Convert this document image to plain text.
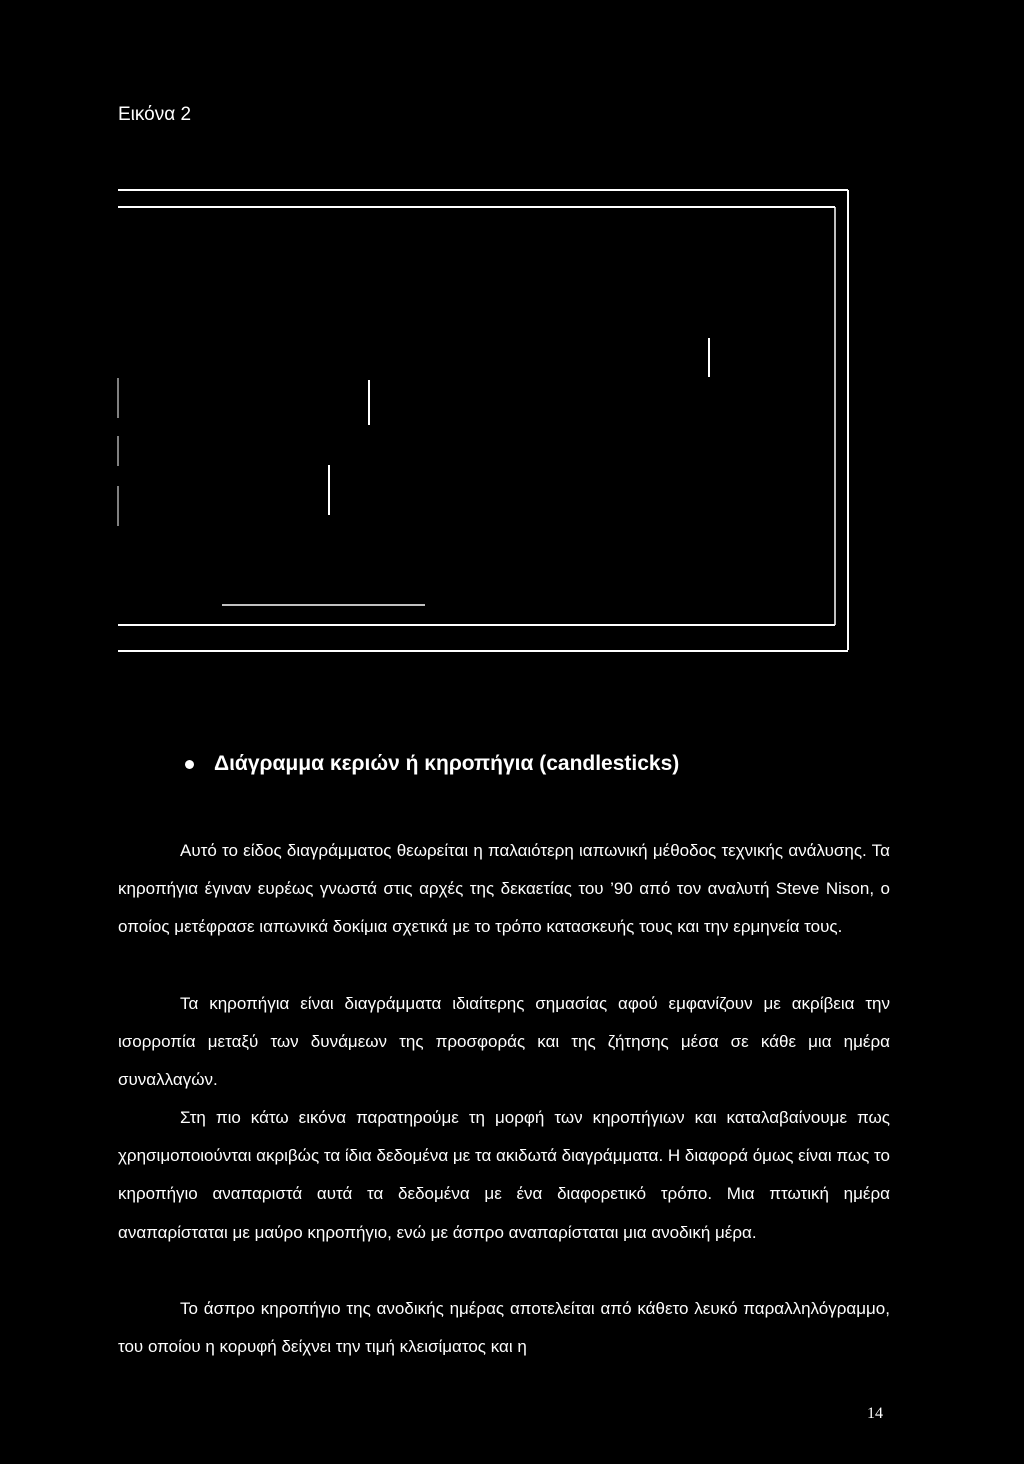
Εικόνα 2
Διάγραμμα κεριών ή κηροπήγια (candlesticks)

Αυτό το είδος διαγράμματος θεωρείται η παλαιότερη ιαπωνική μέθοδος τεχνικής ανάλυσης. Τα κηροπήγια έγιναν ευρέως γνωστά στις αρχές της δεκαετίας του ’90 από τον αναλυτή Steve Nison, ο οποίος μετέφρασε ιαπωνικά δοκίμια σχετικά με το τρόπο κατασκευής τους και την ερμηνεία τους.

Τα κηροπήγια είναι διαγράμματα ιδιαίτερης σημασίας αφού εμφανίζουν με ακρίβεια την ισορροπία μεταξύ των δυνάμεων της προσφοράς και της ζήτησης μέσα σε κάθε μια ημέρα συναλλαγών.

Στη πιο κάτω εικόνα παρατηρούμε τη μορφή των κηροπήγιων και καταλαβαίνουμε πως χρησιμοποιούνται ακριβώς τα ίδια δεδομένα με τα ακιδωτά διαγράμματα. Η διαφορά όμως είναι πως το κηροπήγιο αναπαριστά αυτά τα δεδομένα με ένα διαφορετικό τρόπο. Μια πτωτική ημέρα αναπαρίσταται με μαύρο κηροπήγιο, ενώ με άσπρο αναπαρίσταται μια ανοδική μέρα.

Το άσπρο κηροπήγιο της ανοδικής ημέρας αποτελείται από κάθετο λευκό παραλληλόγραμμο, του οποίου η κορυφή δείχνει την τιμή κλεισίματος και η

14
